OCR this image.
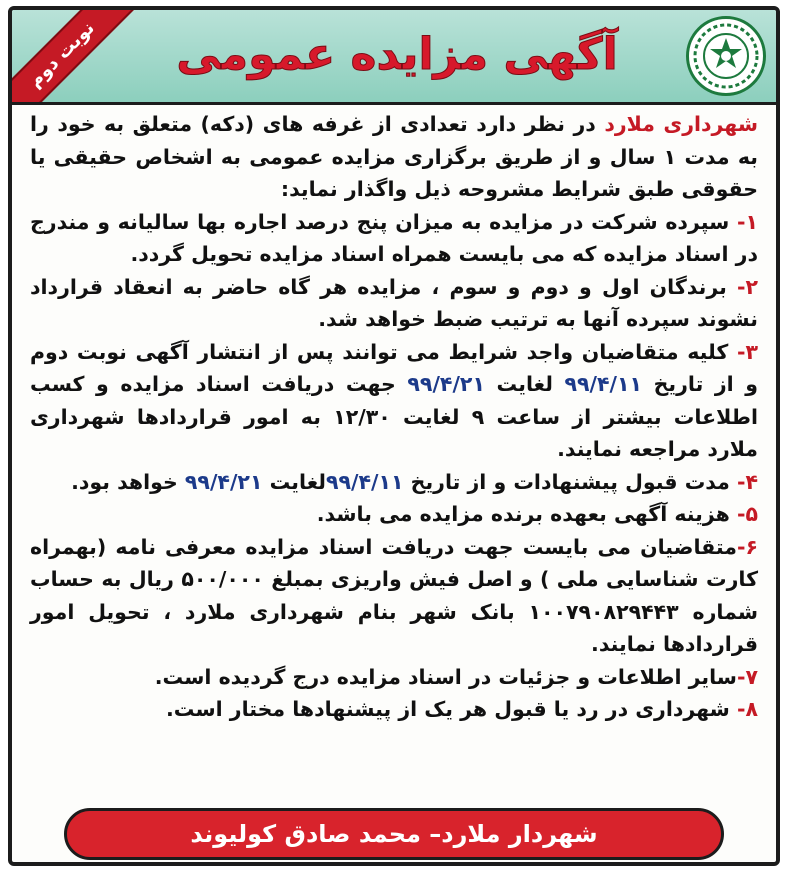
نوبت دوم	آگهی مزایده عمومی

شهرداری ملارد در نظر دارد تعدادی از غرفه های (دکه) متعلق به خود را به مدت ۱ سال و از طریق برگزاری مزایده عمومی به اشخاص حقیقی یا حقوقی طبق شرایط مشروحه ذیل واگذار نماید:

۱- سپرده شرکت در مزایده به میزان پنج درصد اجاره بها سالیانه و مندرج در اسناد مزایده که می بایست همراه اسناد مزایده تحویل گردد.

۲- برندگان اول و دوم و سوم ، مزایده هر گاه حاضر به انعقاد قرارداد نشوند سپرده آنها به ترتیب ضبط خواهد شد.

۳- کلیه متقاضیان واجد شرایط می توانند پس از انتشار آگهی نوبت دوم و از تاریخ ۹۹/۴/۱۱ لغایت ۹۹/۴/۲۱ جهت دریافت اسناد مزایده و کسب اطلاعات بیشتر از ساعت ۹ لغایت ۱۲/۳۰ به امور قراردادها شهرداری ملارد مراجعه نمایند.

۴- مدت قبول پیشنهادات و از تاریخ ۹۹/۴/۱۱لغایت ۹۹/۴/۲۱ خواهد بود.

۵- هزینه آگهی بعهده برنده مزایده می باشد.

۶-متقاضیان می بایست جهت دریافت اسناد مزایده معرفی نامه (بهمراه کارت شناسایی ملی ) و اصل فیش واریزی بمبلغ ۵۰۰/۰۰۰ ریال به حساب شماره ۱۰۰۷۹۰۸۲۹۴۴۳ بانک شهر بنام شهرداری ملارد ، تحویل امور قراردادها نمایند.

۷-سایر اطلاعات و جزئیات در اسناد مزایده درج گردیده است.

۸- شهرداری در رد یا قبول هر یک از پیشنهادها مختار است.

شهردار ملارد– محمد صادق کولیوند
